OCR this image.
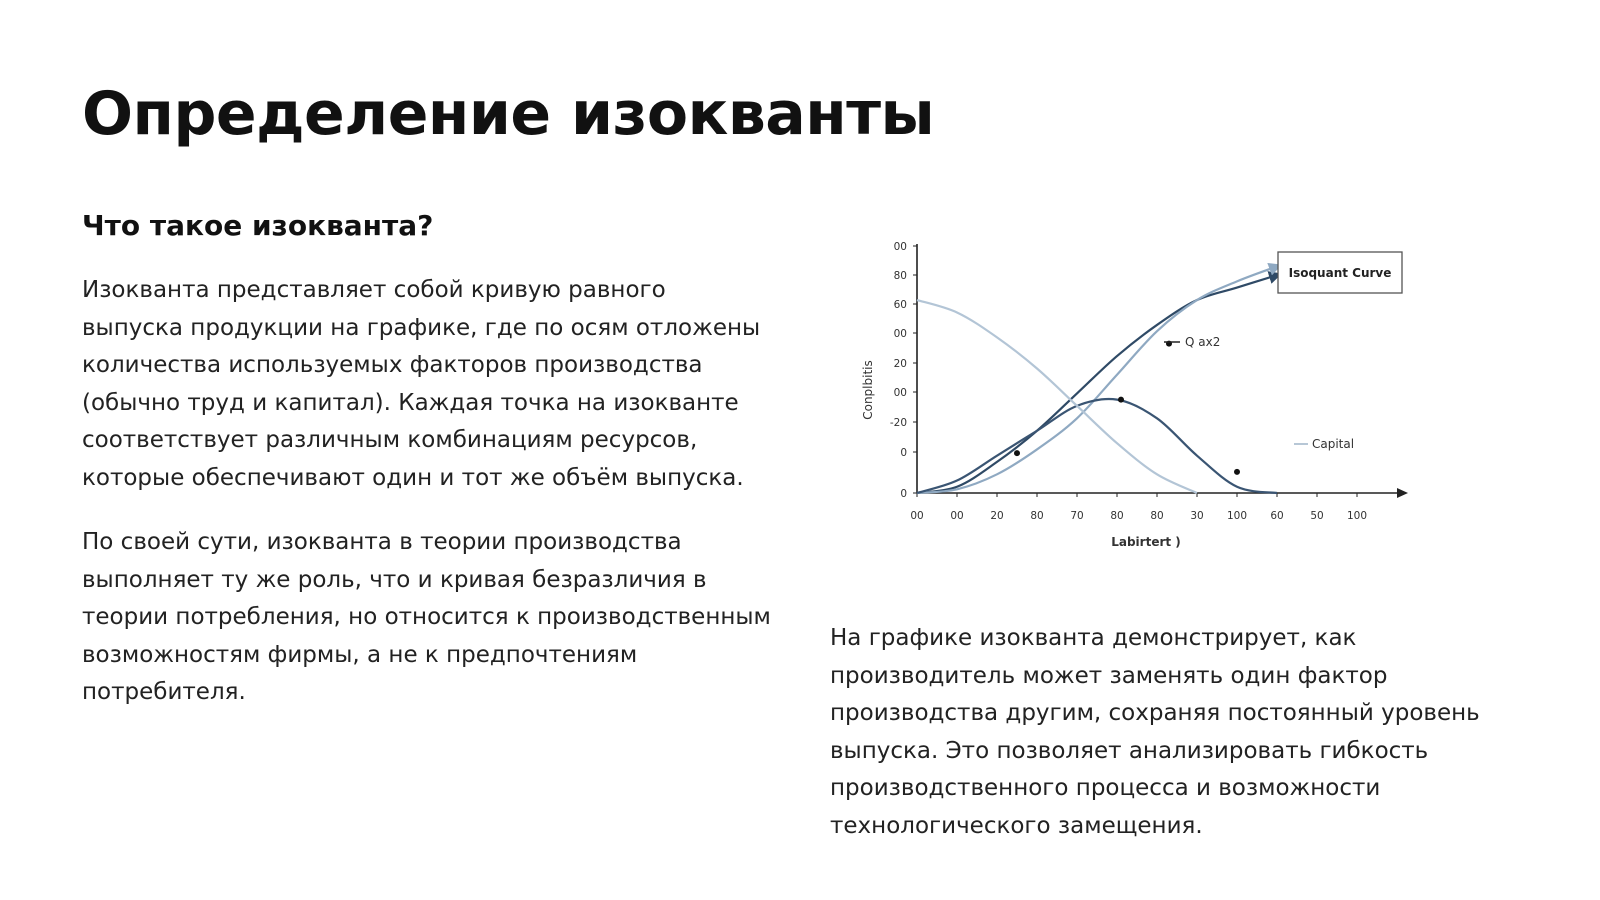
Определение изокванты
Что такое изокванта?

Изокванта представляет собой кривую равного выпуска продукции на графике, где по осям отложены количества используемых факторов производства (обычно труд и капитал). Каждая точка на изокванте соответствует различным комбинациям ресурсов, которые обеспечивают один и тот же объём выпуска.

По своей сути, изокванта в теории производства выполняет ту же роль, что и кривая безразличия в теории потребления, но относится к производственным возможностям фирмы, а не к предпочтениям потребителя.

0
0
-20
00
20
00
60
80
00
00	00	20	80	70	80	80	30 100 60	50 100
Conplbitis
Labirtert )
Isoquant Curve
Q ax2
Capital

На графике изокванта демонстрирует, как производитель может заменять один фактор производства другим, сохраняя постоянный уровень выпуска. Это позволяет анализировать гибкость производственного процесса и возможности технологического замещения.
